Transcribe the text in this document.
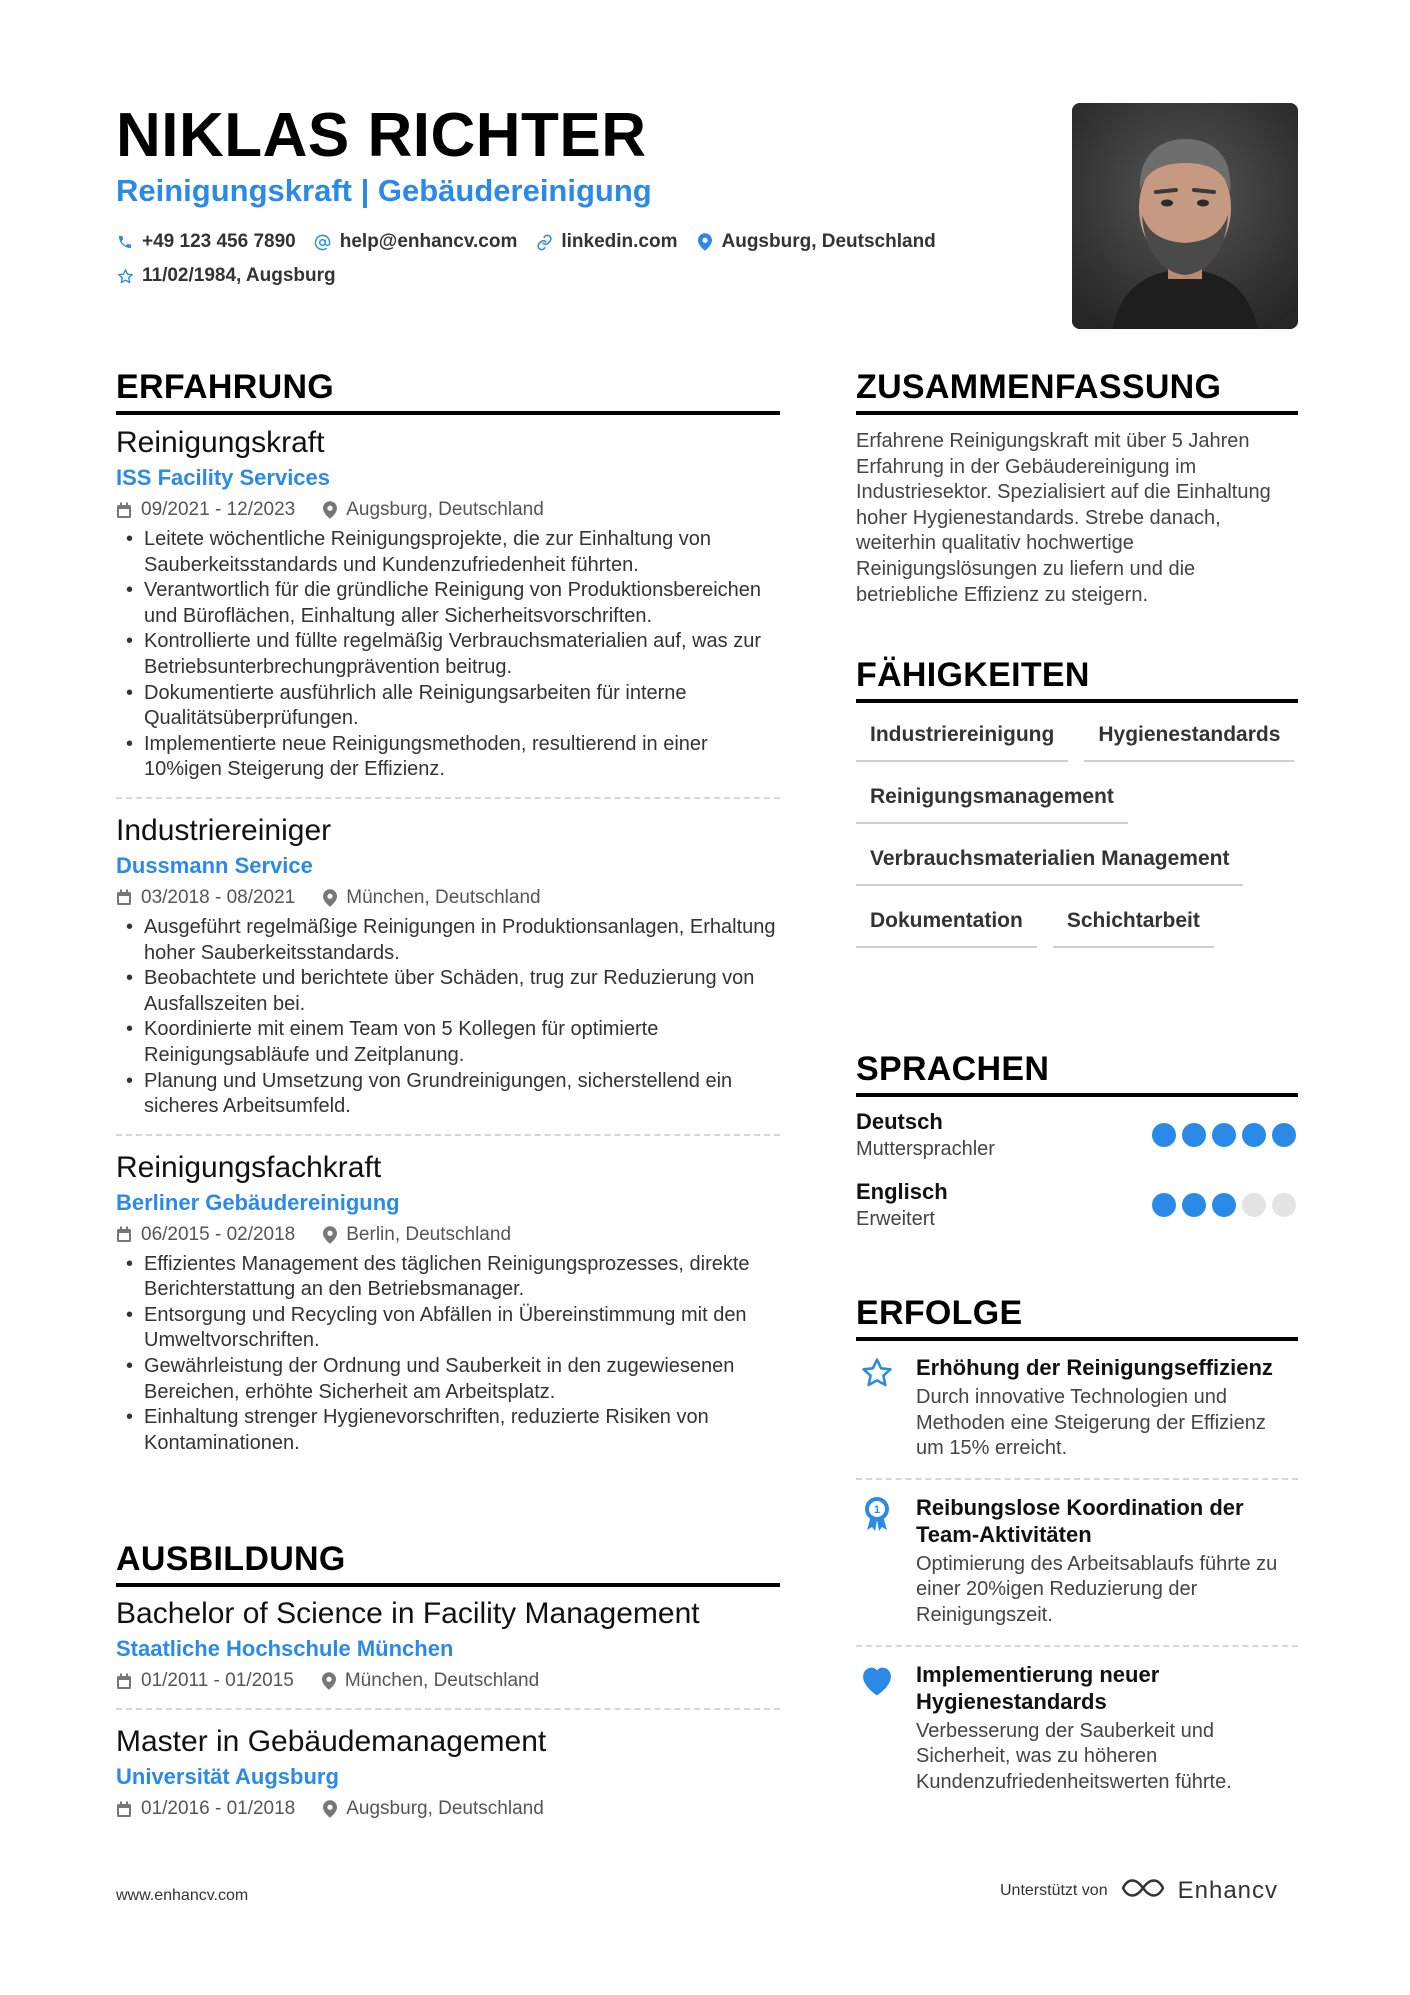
NIKLAS RICHTER
Reinigungskraft | Gebäudereinigung
+49 123 456 7890 help@enhancv.com linkedin.com Augsburg, Deutschland
11/02/1984, Augsburg
ERFAHRUNG
Reinigungskraft
ISS Facility Services
09/2021 - 12/2023	Augsburg, Deutschland
• Leitete wöchentliche Reinigungsprojekte, die zur Einhaltung von Sauberkeitsstandards und Kundenzufriedenheit führten.
• Verantwortlich für die gründliche Reinigung von Produktionsbereichen und Büroflächen, Einhaltung aller Sicherheitsvorschriften.
• Kontrollierte und füllte regelmäßig Verbrauchsmaterialien auf, was zur Betriebsunterbrechungprävention beitrug.
• Dokumentierte ausführlich alle Reinigungsarbeiten für interne Qualitätsüberprüfungen.
• Implementierte neue Reinigungsmethoden, resultierend in einer 10%igen Steigerung der Effizienz.
Industriereiniger
Dussmann Service
03/2018 - 08/2021	München, Deutschland
• Ausgeführt regelmäßige Reinigungen in Produktionsanlagen, Erhaltung hoher Sauberkeitsstandards.
• Beobachtete und berichtete über Schäden, trug zur Reduzierung von Ausfallszeiten bei.
• Koordinierte mit einem Team von 5 Kollegen für optimierte Reinigungsabläufe und Zeitplanung.
• Planung und Umsetzung von Grundreinigungen, sicherstellend ein sicheres Arbeitsumfeld.
Reinigungsfachkraft
Berliner Gebäudereinigung
06/2015 - 02/2018	Berlin, Deutschland
• Effizientes Management des täglichen Reinigungsprozesses, direkte Berichterstattung an den Betriebsmanager.
• Entsorgung und Recycling von Abfällen in Übereinstimmung mit den Umweltvorschriften.
• Gewährleistung der Ordnung und Sauberkeit in den zugewiesenen Bereichen, erhöhte Sicherheit am Arbeitsplatz.
• Einhaltung strenger Hygienevorschriften, reduzierte Risiken von Kontaminationen.
AUSBILDUNG
Bachelor of Science in Facility Management
Staatliche Hochschule München
01/2011 - 01/2015	München, Deutschland
Master in Gebäudemanagement
Universität Augsburg
01/2016 - 01/2018	Augsburg, Deutschland
ZUSAMMENFASSUNG
Erfahrene Reinigungskraft mit über 5 Jahren Erfahrung in der Gebäudereinigung im Industriesektor. Spezialisiert auf die Einhaltung hoher Hygienestandards. Strebe danach, weiterhin qualitativ hochwertige Reinigungslösungen zu liefern und die betriebliche Effizienz zu steigern.
FÄHIGKEITEN
Industriereinigung	Hygienestandards
Reinigungsmanagement
Verbrauchsmaterialien Management
Dokumentation	Schichtarbeit
SPRACHEN
Deutsch
Muttersprachler
Englisch
Erweitert
ERFOLGE
Erhöhung der Reinigungseffizienz
Durch innovative Technologien und Methoden eine Steigerung der Effizienz um 15% erreicht.
1 Reibungslose Koordination der Team-Aktivitäten
Optimierung des Arbeitsablaufs führte zu einer 20%igen Reduzierung der Reinigungszeit.
Implementierung neuer Hygienestandards
Verbesserung der Sauberkeit und Sicherheit, was zu höheren Kundenzufriedenheitswerten führte.
www.enhancv.com	Unterstützt von	Enhancv
